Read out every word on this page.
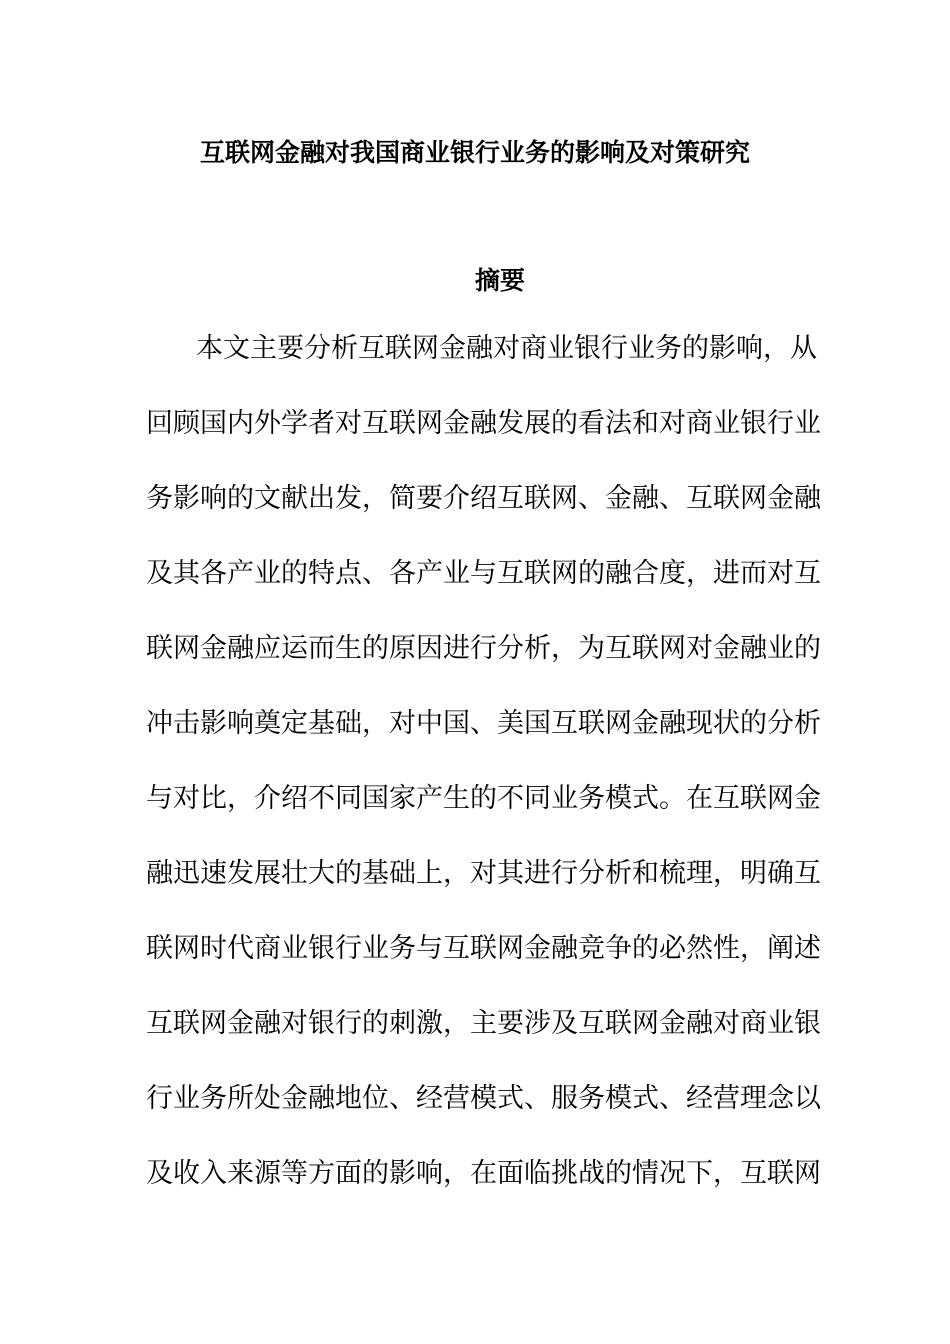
互联网金融对我国商业银行业务的影响及对策研究
摘要
本文主要分析互联网金融对商业银行业务的影响，从
回顾国内外学者对互联网金融发展的看法和对商业银行业
务影响的文献出发，简要介绍互联网、金融、互联网金融
及其各产业的特点、各产业与互联网的融合度，进而对互
联网金融应运而生的原因进行分析，为互联网对金融业的
冲击影响奠定基础，对中国、美国互联网金融现状的分析
与对比，介绍不同国家产生的不同业务模式。在互联网金
融迅速发展壮大的基础上，对其进行分析和梳理，明确互
联网时代商业银行业务与互联网金融竞争的必然性，阐述
互联网金融对银行的刺激，主要涉及互联网金融对商业银
行业务所处金融地位、经营模式、服务模式、经营理念以
及收入来源等方面的影响，在面临挑战的情况下，互联网
